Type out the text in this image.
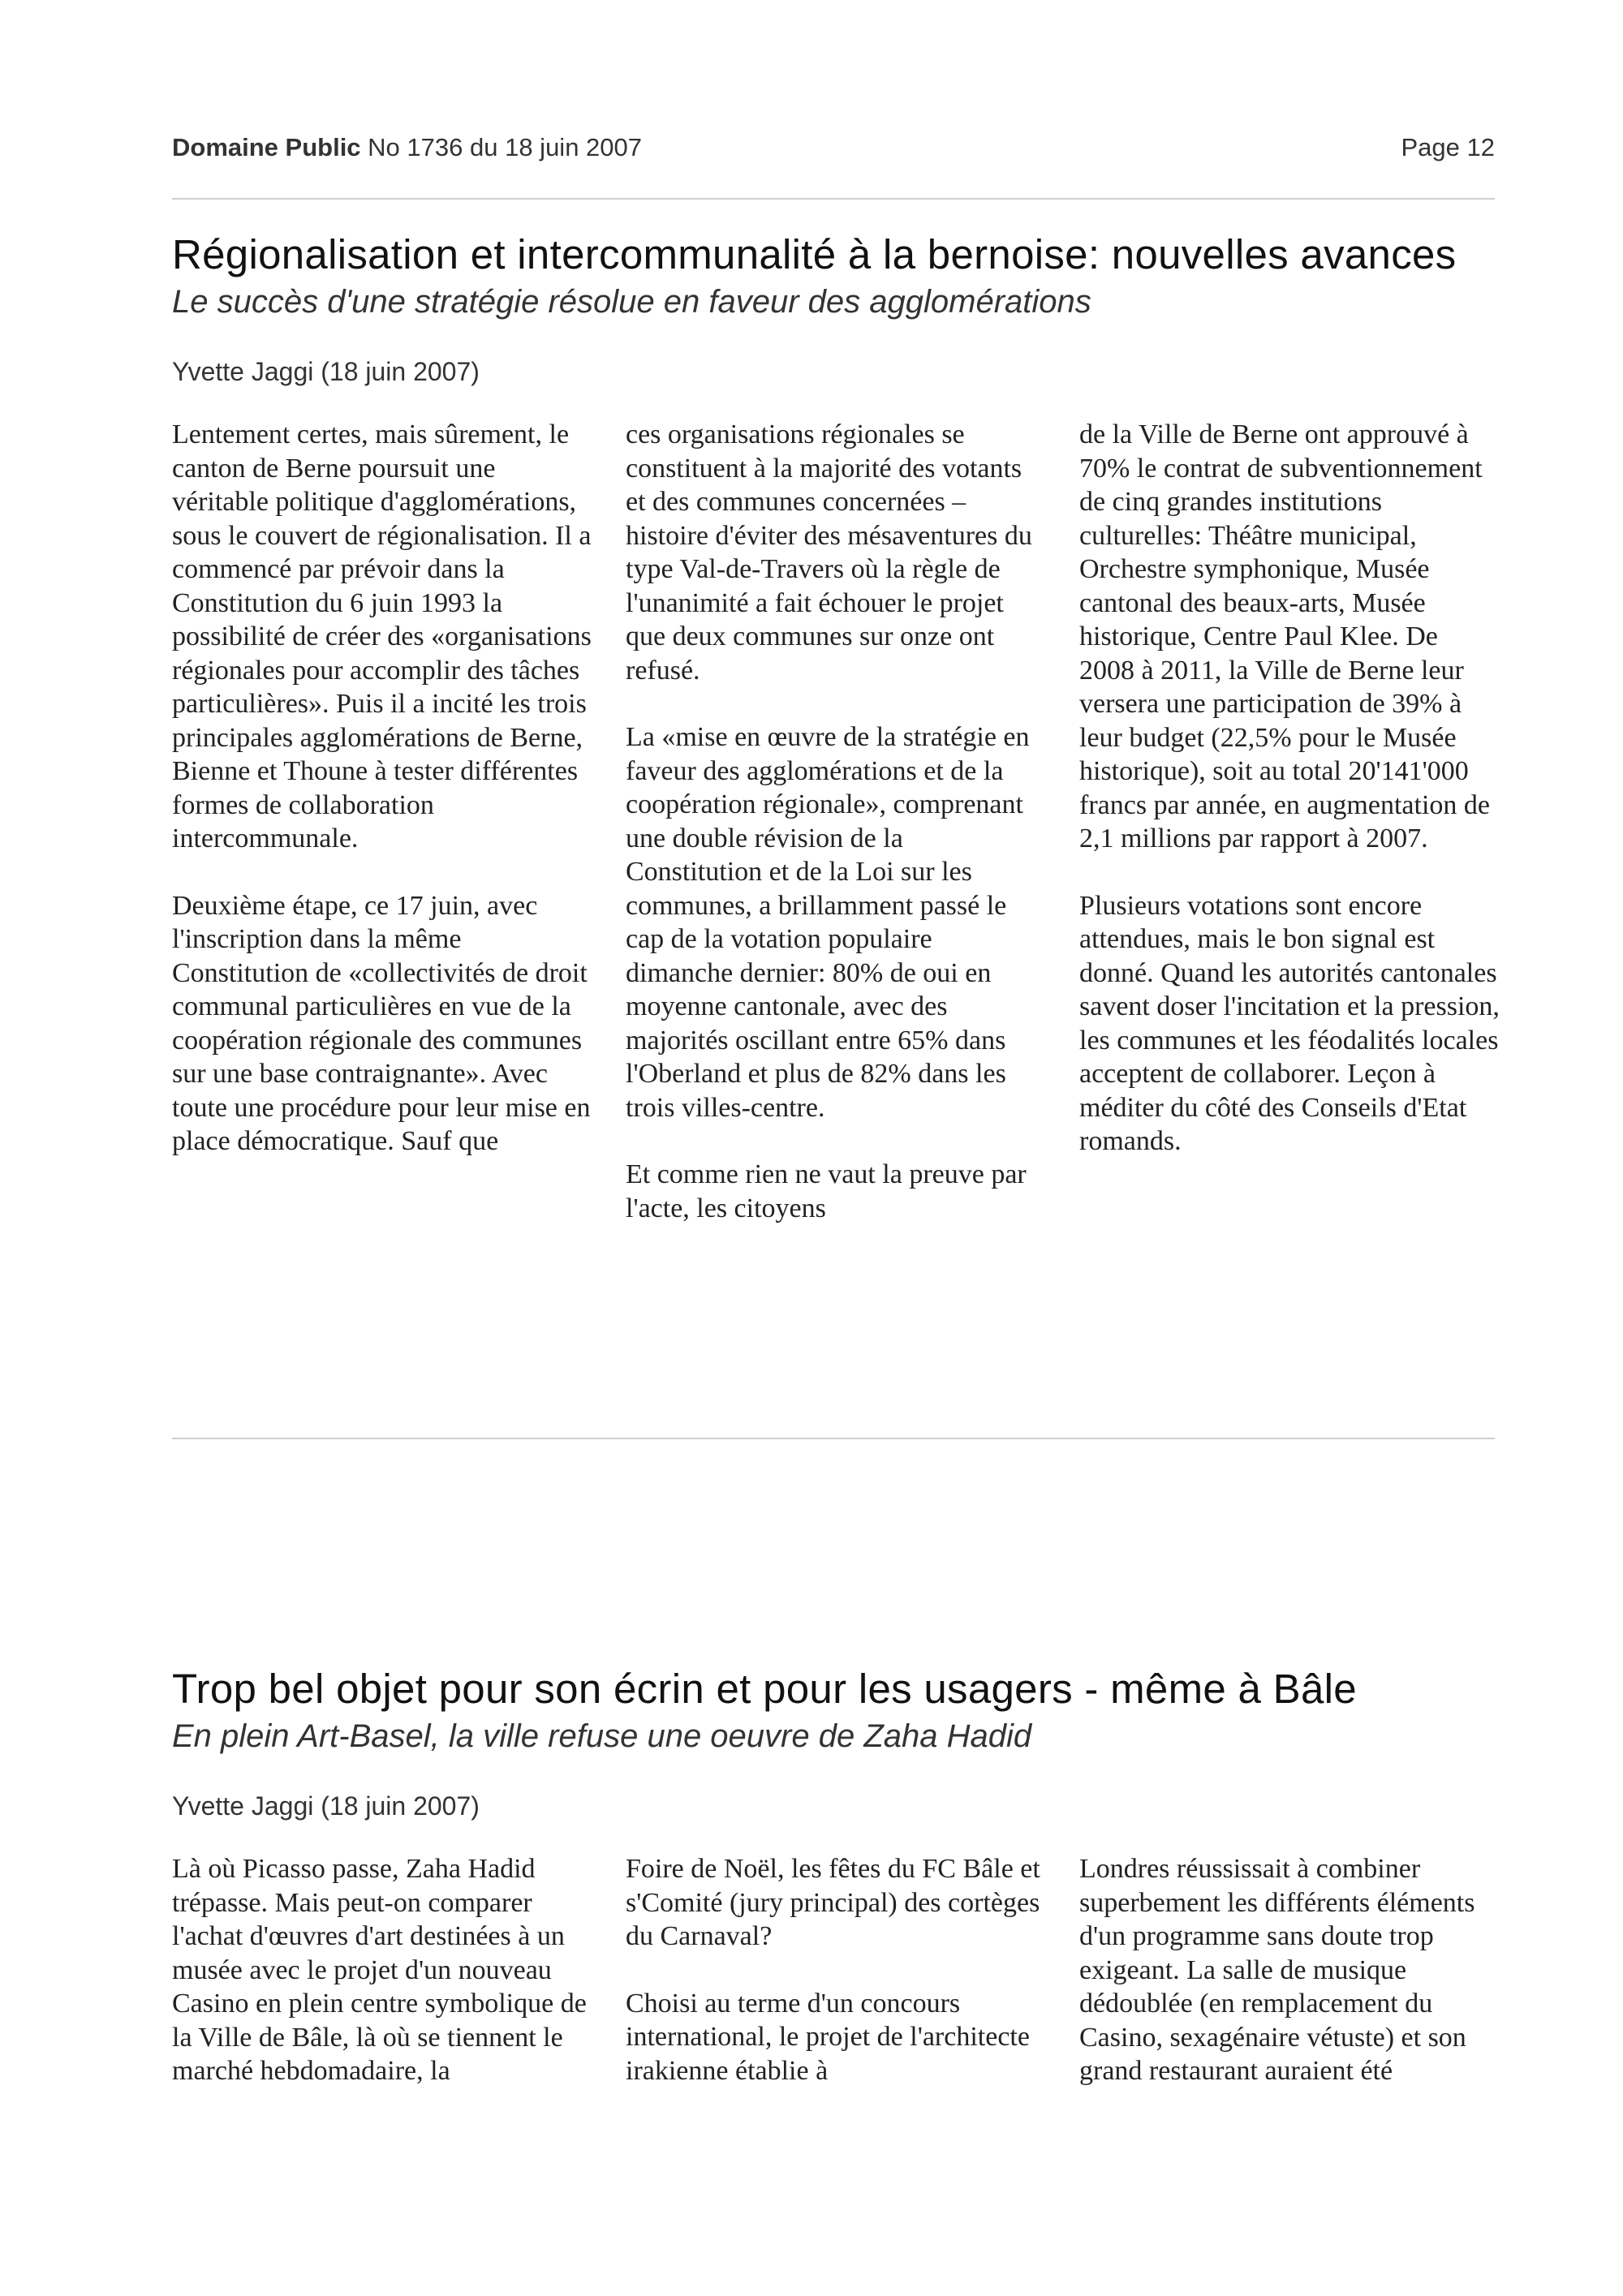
Domaine Public No 1736 du 18 juin 2007	Page 12
Régionalisation et intercommunalité à la bernoise: nouvelles avances

Le succès d'une stratégie résolue en faveur des agglomérations

Yvette Jaggi (18 juin 2007)

Lentement certes, mais sûrement, le canton de Berne poursuit une véritable politique d'agglomérations, sous le couvert de régionalisation. Il a commencé par prévoir dans la Constitution du 6 juin 1993 la possibilité de créer des «organisations régionales pour accomplir des tâches particulières». Puis il a incité les trois principales agglomérations de Berne, Bienne et Thoune à tester différentes formes de collaboration intercommunale.

Deuxième étape, ce 17 juin, avec l'inscription dans la même Constitution de «collectivités de droit communal particulières en vue de la coopération régionale des communes sur une base contraignante». Avec toute une procédure pour leur mise en place démocratique. Sauf que

ces organisations régionales se constituent à la majorité des votants et des communes concernées – histoire d'éviter des mésaventures du type Val-de-Travers où la règle de l'unanimité a fait échouer le projet que deux communes sur onze ont refusé.

La «mise en œuvre de la stratégie en faveur des agglomérations et de la coopération régionale», comprenant une double révision de la Constitution et de la Loi sur les communes, a brillamment passé le cap de la votation populaire dimanche dernier: 80% de oui en moyenne cantonale, avec des majorités oscillant entre 65% dans l'Oberland et plus de 82% dans les trois villes-centre.

Et comme rien ne vaut la preuve par l'acte, les citoyens

de la Ville de Berne ont approuvé à 70% le contrat de subventionnement de cinq grandes institutions culturelles: Théâtre municipal, Orchestre symphonique, Musée cantonal des beaux-arts, Musée historique, Centre Paul Klee. De 2008 à 2011, la Ville de Berne leur versera une participation de 39% à leur budget (22,5% pour le Musée historique), soit au total 20'141'000 francs par année, en augmentation de 2,1 millions par rapport à 2007.

Plusieurs votations sont encore attendues, mais le bon signal est donné. Quand les autorités cantonales savent doser l'incitation et la pression, les communes et les féodalités locales acceptent de collaborer. Leçon à méditer du côté des Conseils d'Etat romands.

Trop bel objet pour son écrin et pour les usagers - même à Bâle

En plein Art-Basel, la ville refuse une oeuvre de Zaha Hadid

Yvette Jaggi (18 juin 2007)

Là où Picasso passe, Zaha Hadid trépasse. Mais peut-on comparer l'achat d'œuvres d'art destinées à un musée avec le projet d'un nouveau Casino en plein centre symbolique de la Ville de Bâle, là où se tiennent le marché hebdomadaire, la

Foire de Noël, les fêtes du FC Bâle et s'Comité (jury principal) des cortèges du Carnaval?

Choisi au terme d'un concours international, le projet de l'architecte irakienne établie à

Londres réussissait à combiner superbement les différents éléments d'un programme sans doute trop exigeant. La salle de musique dédoublée (en remplacement du Casino, sexagénaire vétuste) et son grand restaurant auraient été
